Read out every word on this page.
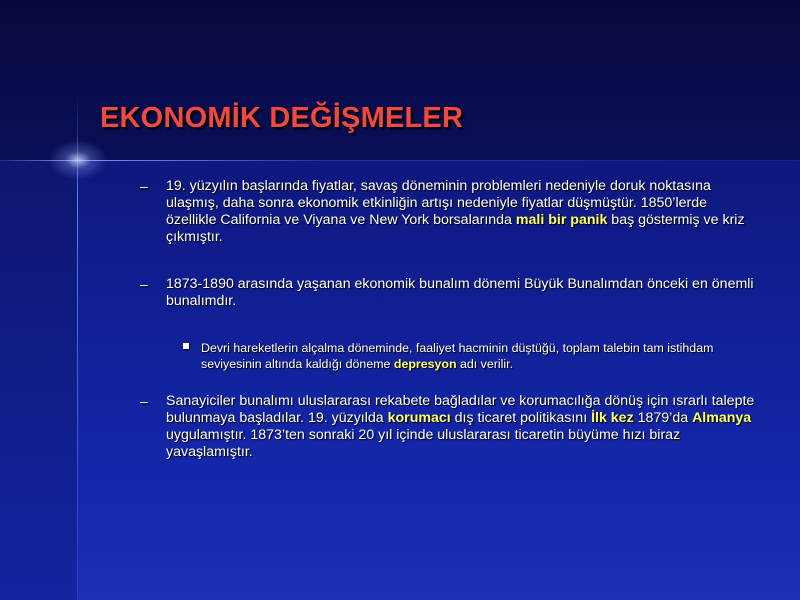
EKONOMİK DEĞİŞMELER
– 19. yüzyılın başlarında fiyatlar, savaş döneminin problemleri nedeniyle doruk noktasına ulaşmış, daha sonra ekonomik etkinliğin artışı nedeniyle fiyatlar düşmüştür. 1850’lerde özellikle California ve Viyana ve New York borsalarında mali bir panik baş göstermiş ve kriz çıkmıştır.
– 1873-1890 arasında yaşanan ekonomik bunalım dönemi Büyük Bunalımdan önceki en önemli bunalımdır.
Devri hareketlerin alçalma döneminde, faaliyet hacminin düştüğü, toplam talebin tam istihdam seviyesinin altında kaldığı döneme depresyon adı verilir.
– Sanayiciler bunalımı uluslararası rekabete bağladılar ve korumacılığa dönüş için ısrarlı talepte bulunmaya başladılar. 19. yüzyılda korumacı dış ticaret politikasını İlk kez 1879’da Almanya uygulamıştır. 1873’ten sonraki 20 yıl içinde uluslararası ticaretin büyüme hızı biraz yavaşlamıştır.
